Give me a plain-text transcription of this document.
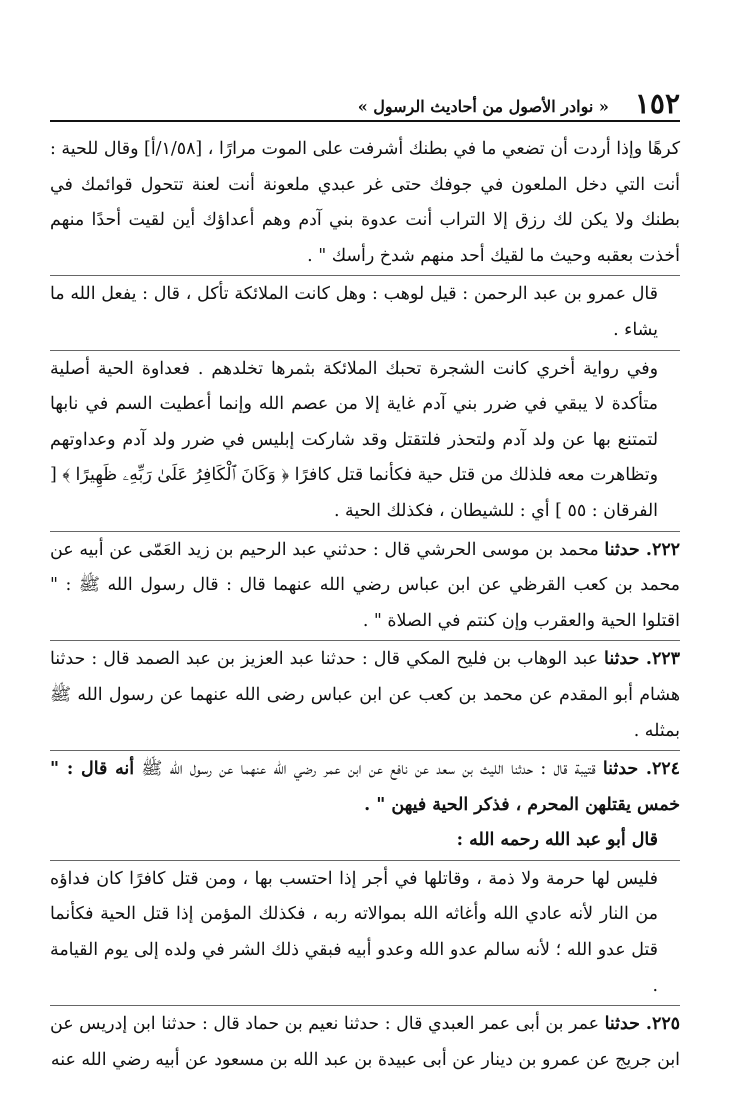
١٥٢
« نوادر الأصول من أحاديث الرسول »

كرهًا وإذا أردت أن تضعي ما في بطنك أشرفت على الموت مرارًا ، [١/٥٨/أ] وقال للحية : أنت التي دخل الملعون في جوفك حتى غر عبدي ملعونة أنت لعنة تتحول قوائمك في بطنك ولا يكن لك رزق إلا التراب أنت عدوة بني آدم وهم أعداؤك أين لقيت أحدًا منهم أخذت بعقبه وحيث ما لقيك أحد منهم شدخ رأسك " .

قال عمرو بن عبد الرحمن : قيل لوهب : وهل كانت الملائكة تأكل ، قال : يفعل الله ما يشاء .

وفي رواية أخري كانت الشجرة تحبك الملائكة بثمرها تخلدهم . فعداوة الحية أصلية متأكدة لا يبقي في ضرر بني آدم غاية إلا من عصم الله وإنما أعطيت السم في نابها لتمتنع بها عن ولد آدم ولتحذر فلتقتل وقد شاركت إبليس في ضرر ولد آدم وعداوتهم وتظاهرت معه فلذلك من قتل حية فكأنما قتل كافرًا ﴿ وَكَانَ ٱلْكَافِرُ عَلَىٰ رَبِّهِۦ ظَهِيرًا ﴾ [ الفرقان : ٥٥ ] أي : للشيطان ، فكذلك الحية .

٢٢٢. حدثنا محمد بن موسى الحرشي قال : حدثني عبد الرحيم بن زيد العَمّى عن أبيه عن محمد بن كعب القرظي عن ابن عباس رضي الله عنهما قال : قال رسول الله ﷺ : " اقتلوا الحية والعقرب وإن كنتم في الصلاة " .

٢٢٣. حدثنا عبد الوهاب بن فليح المكي قال : حدثنا عبد العزيز بن عبد الصمد قال : حدثنا هشام أبو المقدم عن محمد بن كعب عن ابن عباس رضى الله عنهما عن رسول الله ﷺ بمثله .

٢٢٤. حدثنا قتيبة قال : حدثنا الليث بن سعد عن نافع عن ابن عمر رضي الله عنهما عن رسول الله ﷺ أنه قال : " خمس يقتلهن المحرم ، فذكر الحية فيهن " .

قال أبو عبد الله رحمه الله :

فليس لها حرمة ولا ذمة ، وقاتلها في أجر إذا احتسب بها ، ومن قتل كافرًا كان فداؤه من النار لأنه عادي الله وأغاثه الله بموالاته ربه ، فكذلك المؤمن إذا قتل الحية فكأنما قتل عدو الله ؛ لأنه سالم عدو الله وعدو أبيه فبقي ذلك الشر في ولده إلى يوم القيامة .

٢٢٥. حدثنا عمر بن أبى عمر العبدي قال : حدثنا نعيم بن حماد قال : حدثنا ابن إدريس عن ابن جريج عن عمرو بن دينار عن أبى عبيدة بن عبد الله بن مسعود عن أبيه رضي الله عنه
